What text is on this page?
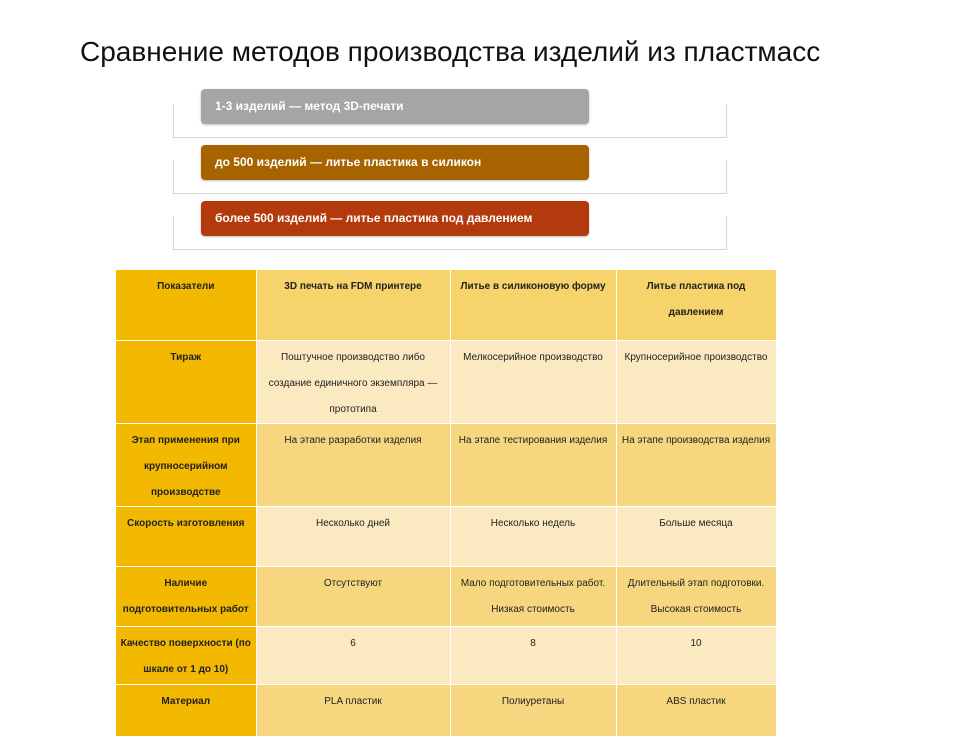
Сравнение методов производства изделий из пластмасс
1-3 изделий — метод 3D-печати
до 500 изделий — литье пластика в силикон
более 500 изделий — литье пластика под давлением
Показатели	3D печать на FDM принтере	Литье в силиконовую форму	Литье пластика под давлением
Тираж	Поштучное производство либо создание единичного экземпляра — прототипа	Мелкосерийное производство	Крупносерийное производство
Этап применения при крупносерийном производстве	На этапе разработки изделия	На этапе тестирования изделия	На этапе производства изделия
Скорость изготовления	Несколько дней	Несколько недель	Больше месяца
Наличие подготовительных работ	Отсутствуют	Мало подготовительных работ. Низкая стоимость	Длительный этап подготовки. Высокая стоимость
Качество поверхности (по шкале от 1 до 10)	6	8	10
Материал	PLA пластик	Полиуретаны	ABS пластик
